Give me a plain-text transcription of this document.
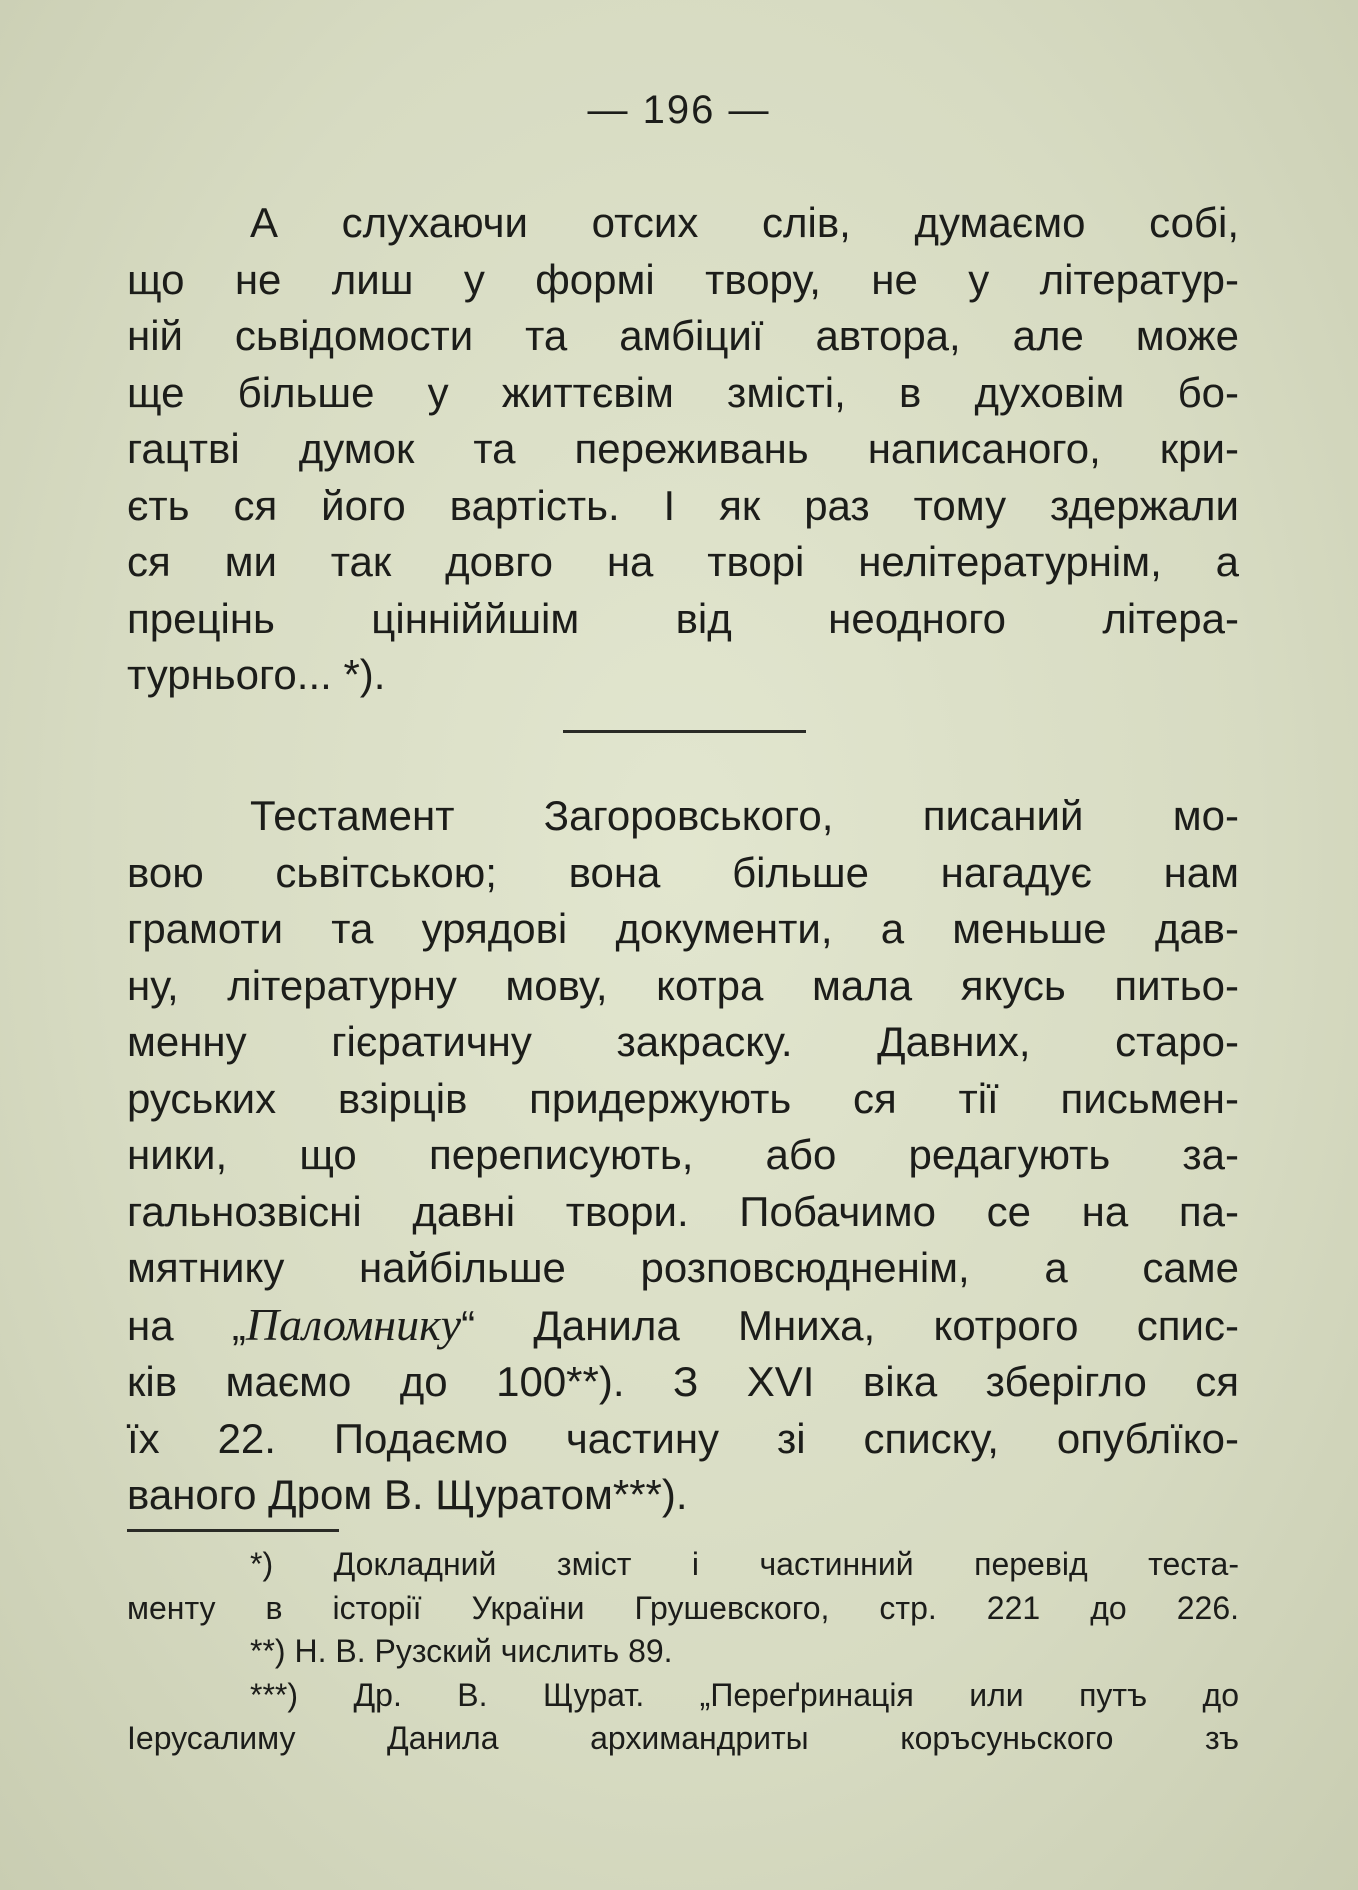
— 196 —
А слухаючи отсих слів, думаємо собі,
що не лиш у формі твору, не у літератур-
ній сьвідомости та амбіциї автора, але може
ще більше у життєвім змісті, в духовім бо-
гацтві думок та переживань написаного, кри-
єть ся його вартість. І як раз тому здержали
ся ми так довго на творі нелітературнім, а
прецінь цінніййшім від неодного літера-
турнього... *).
Тестамент Загоровського, писаний мо-
вою сьвітською; вона більше нагадує нам
грамоти та урядові документи, а меньше дав-
ну, літературну мову, котра мала якусь питьо-
менну гієратичну закраску. Давних, старо-
руських взірців придержують ся тії письмен-
ники, що переписують, або редагують за-
гальнозвісні давні твори. Побачимо се на па-
мятнику найбільше розповсюдненім, а саме
на „Паломнику“ Данила Мниха, котрого спис-
ків маємо до 100**). З XVI віка зберігло ся
їх 22. Подаємо частину зі списку, опублїко-
ваного Дром В. Щуратом***).
*) Докладний зміст і частинний перевід теста-
менту в історії України Грушевского, стр. 221 до 226.
**) Н. В. Рузский числить 89.
***) Др. В. Щурат. „Переґринація или путъ до
Іерусалиму Данила архимандриты коръсуньского зъ
